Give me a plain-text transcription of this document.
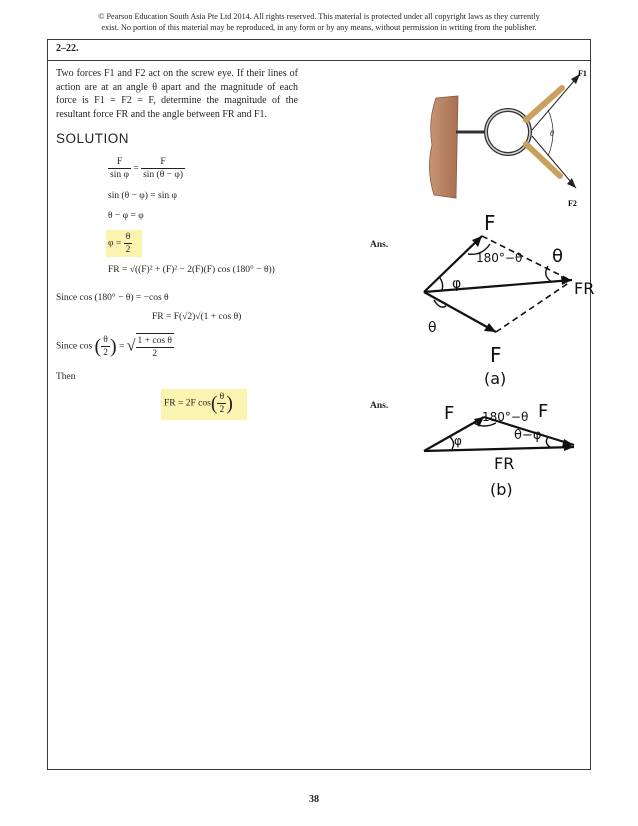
© Pearson Education South Asia Pte Ltd 2014. All rights reserved. This material is protected under all copyright laws as they currently
exist. No portion of this material may be reproduced, in any form or by any means, without permission in writing from the publisher.
2–22.
Two forces F1 and F2 act on the screw eye. If their lines of action are at an angle θ apart and the magnitude of each force is F1 = F2 = F, determine the magnitude of the resultant force FR and the angle between FR and F1.
SOLUTION
$\frac{F}{\text{sin φ}} = \frac{F}{\sin (\theta - \varphi)}$
sin (θ − φ) = sin φ
θ − φ = φ
$\varphi = \frac{\theta}{2}$	Ans.
FR = √((F)² + (F)² − 2(F)(F) cos (180° − θ))
Since cos (180° − θ) = −cos θ
FR = F(√2)√(1 + cos θ)
Since cos ( $\frac{\theta}{2}$ ) = √ $\frac{\text{1 + cos θ}}{2}$
Then
FR = 2F $\cos( \frac{\theta}{2}$ )	Ans.
F1
F2
θ
F
180°−θ θ
φ	FR
θ
F
(a)
F 180°−θ F
θ−φ
φ
FR
(b)
38
